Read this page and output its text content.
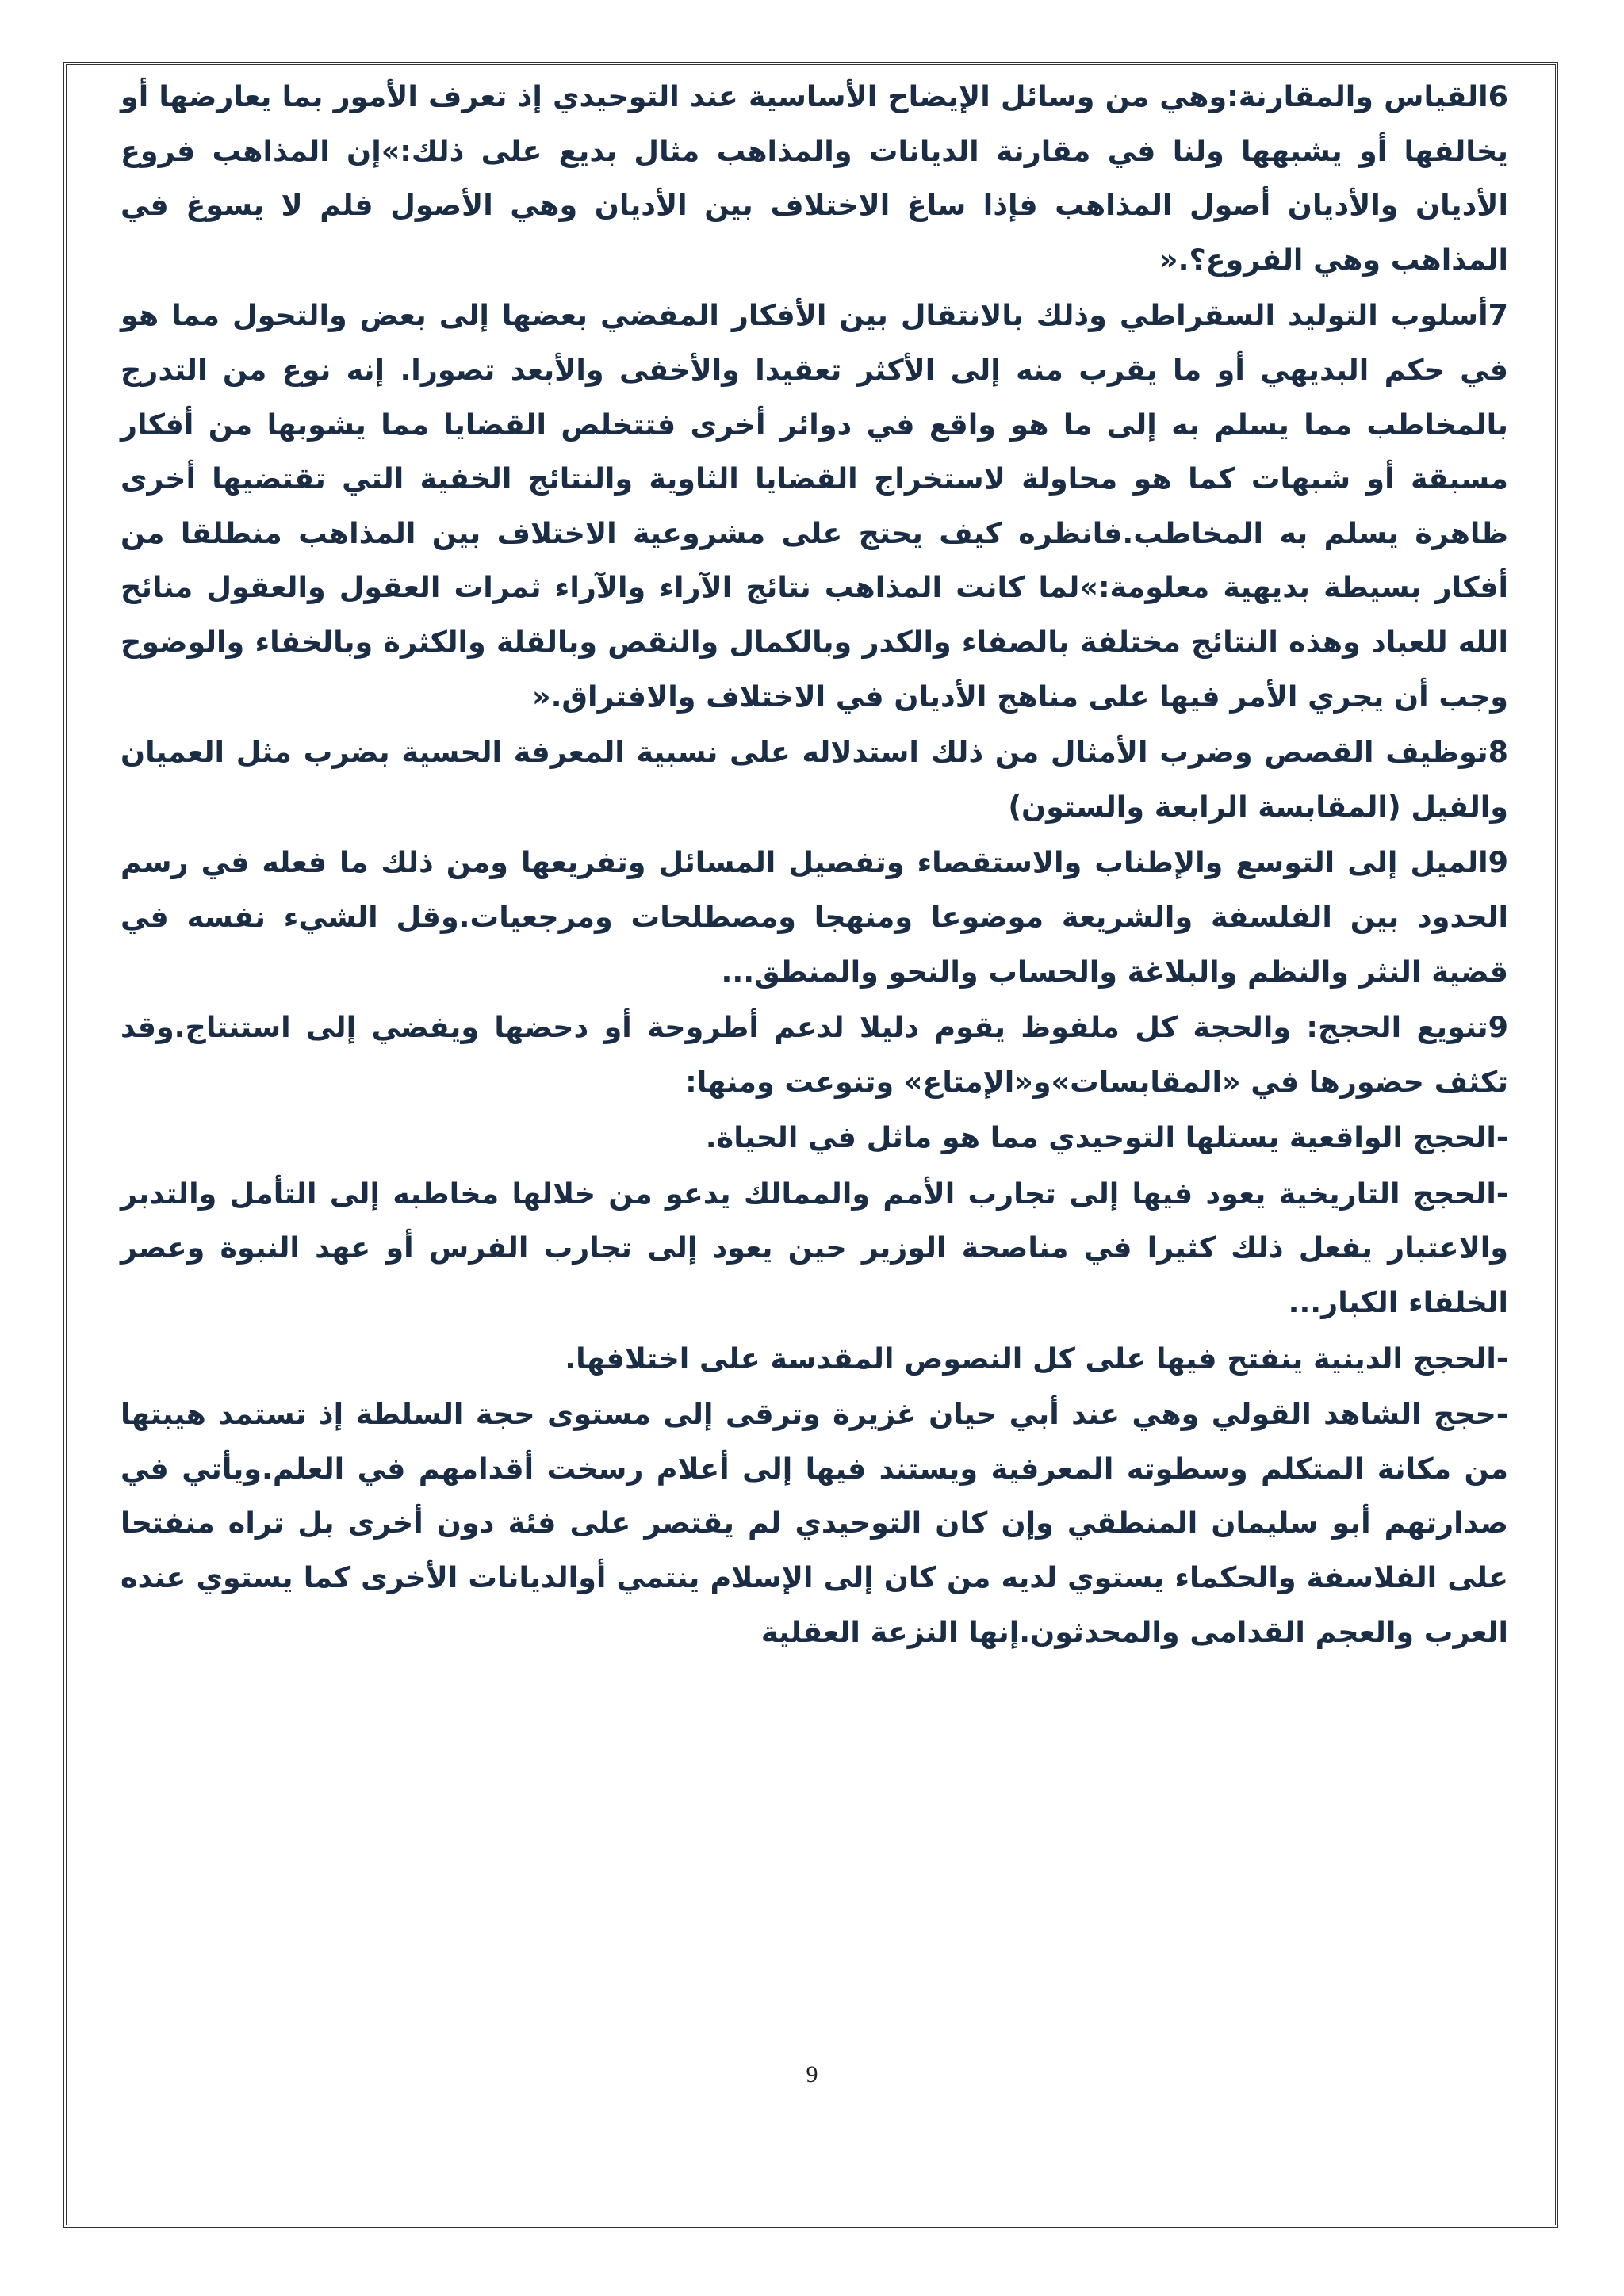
6القياس والمقارنة:وهي من وسائل الإيضاح الأساسية عند التوحيدي إذ تعرف الأمور بما يعارضها أو يخالفها أو يشبهها ولنا في مقارنة الديانات والمذاهب مثال بديع على ذلك:»إن المذاهب فروع الأديان والأديان أصول المذاهب فإذا ساغ الاختلاف بين الأديان وهي الأصول فلم لا يسوغ في المذاهب وهي الفروع؟.«

7أسلوب التوليد السقراطي وذلك بالانتقال بين الأفكار المفضي بعضها إلى بعض والتحول مما هو في حكم البديهي أو ما يقرب منه إلى الأكثر تعقيدا والأخفى والأبعد تصورا. إنه نوع من التدرج بالمخاطب مما يسلم به إلى ما هو واقع في دوائر أخرى فتتخلص القضايا مما يشوبها من أفكار مسبقة أو شبهات كما هو محاولة لاستخراج القضايا الثاوية والنتائج الخفية التي تقتضيها أخرى ظاهرة يسلم به المخاطب.فانظره كيف يحتج على مشروعية الاختلاف بين المذاهب منطلقا من أفكار بسيطة بديهية معلومة:»لما كانت المذاهب نتائج الآراء والآراء ثمرات العقول والعقول منائح الله للعباد وهذه النتائج مختلفة بالصفاء والكدر وبالكمال والنقص وبالقلة والكثرة وبالخفاء والوضوح وجب أن يجري الأمر فيها على مناهج الأديان في الاختلاف والافتراق.«

8توظيف القصص وضرب الأمثال من ذلك استدلاله على نسبية المعرفة الحسية بضرب مثل العميان والفيل (المقابسة الرابعة والستون)

9الميل إلى التوسع والإطناب والاستقصاء وتفصيل المسائل وتفريعها ومن ذلك ما فعله في رسم الحدود بين الفلسفة والشريعة موضوعا ومنهجا ومصطلحات ومرجعيات.وقل الشيء نفسه في قضية النثر والنظم والبلاغة والحساب والنحو والمنطق...

9تنويع الحجج: والحجة كل ملفوظ يقوم دليلا لدعم أطروحة أو دحضها ويفضي إلى استنتاج.وقد تكثف حضورها في «المقابسات»و«الإمتاع» وتنوعت ومنها:

-الحجج الواقعية يستلها التوحيدي مما هو ماثل في الحياة.

-الحجج التاريخية يعود فيها إلى تجارب الأمم والممالك يدعو من خلالها مخاطبه إلى التأمل والتدبر والاعتبار يفعل ذلك كثيرا في مناصحة الوزير حين يعود إلى تجارب الفرس أو عهد النبوة وعصر الخلفاء الكبار...

-الحجج الدينية ينفتح فيها على كل النصوص المقدسة على اختلافها.

-حجج الشاهد القولي وهي عند أبي حيان غزيرة وترقى إلى مستوى حجة السلطة إذ تستمد هيبتها من مكانة المتكلم وسطوته المعرفية ويستند فيها إلى أعلام رسخت أقدامهم في العلم.ويأتي في صدارتهم أبو سليمان المنطقي وإن كان التوحيدي لم يقتصر على فئة دون أخرى بل تراه منفتحا على الفلاسفة والحكماء يستوي لديه من كان إلى الإسلام ينتمي أوالديانات الأخرى كما يستوي عنده العرب والعجم القدامى والمحدثون.إنها النزعة العقلية

9
